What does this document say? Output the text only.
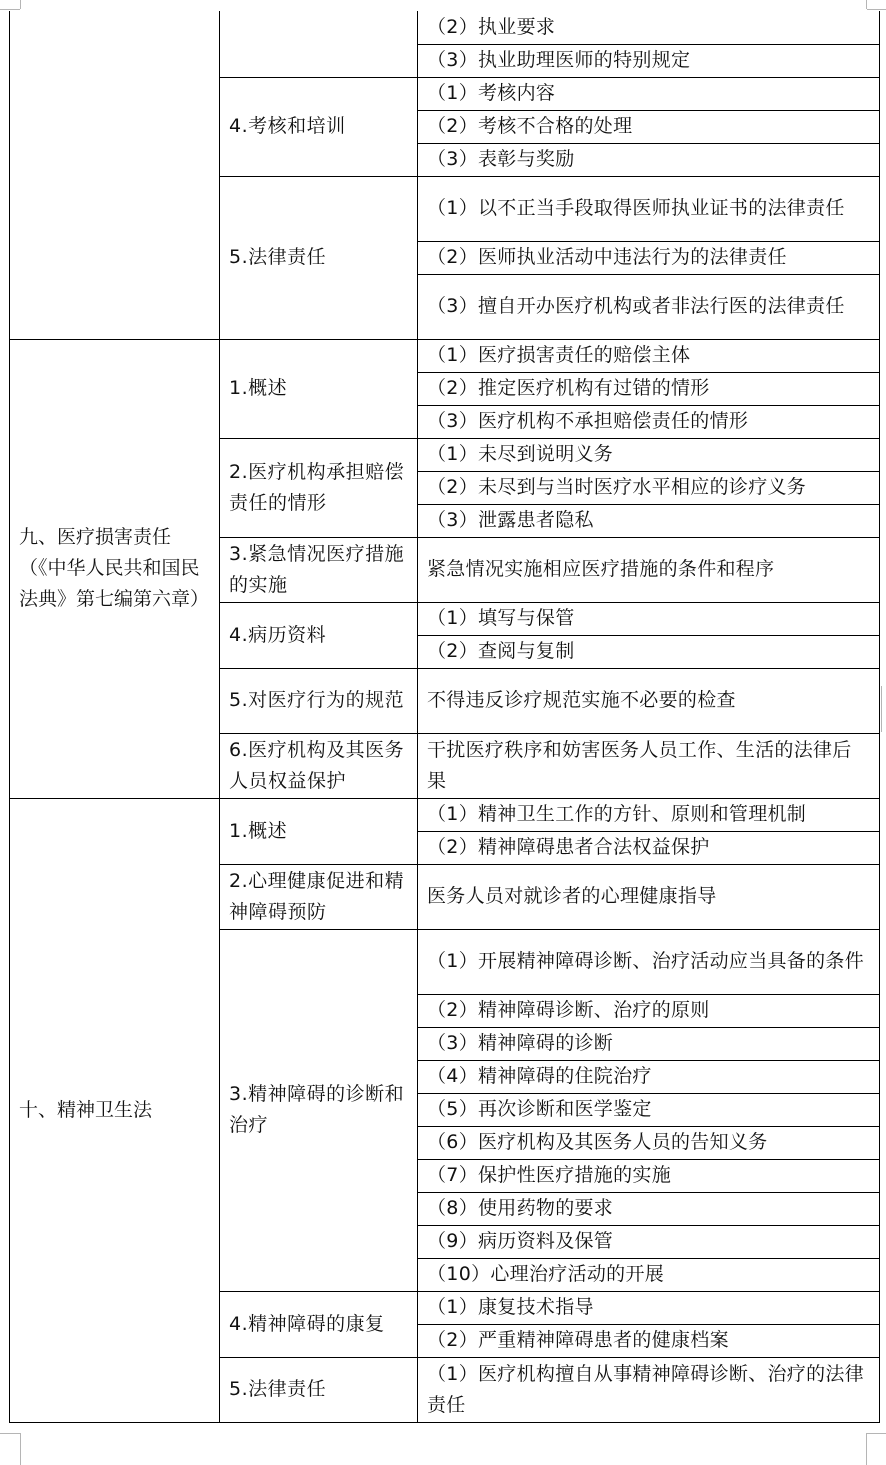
		（2）执业要求
		（3）执业助理医师的特别规定
	4.考核和培训	（1）考核内容
		（2）考核不合格的处理
		（3）表彰与奖励
	5.法律责任	（1）以不正当手段取得医师执业证书的法律责任
		（2）医师执业活动中违法行为的法律责任
		（3）擅自开办医疗机构或者非法行医的法律责任
九、医疗损害责任（《中华人民共和国民法典》第七编第六章）	1.概述	（1）医疗损害责任的赔偿主体
		（2）推定医疗机构有过错的情形
		（3）医疗机构不承担赔偿责任的情形
	2.医疗机构承担赔偿责任的情形	（1）未尽到说明义务
		（2）未尽到与当时医疗水平相应的诊疗义务
		（3）泄露患者隐私
	3.紧急情况医疗措施的实施	紧急情况实施相应医疗措施的条件和程序
	4.病历资料	（1）填写与保管
		（2）查阅与复制
	5.对医疗行为的规范	不得违反诊疗规范实施不必要的检查
	6.医疗机构及其医务人员权益保护	干扰医疗秩序和妨害医务人员工作、生活的法律后果
十、精神卫生法	1.概述	（1）精神卫生工作的方针、原则和管理机制
		（2）精神障碍患者合法权益保护
	2.心理健康促进和精神障碍预防	医务人员对就诊者的心理健康指导
	3.精神障碍的诊断和治疗	（1）开展精神障碍诊断、治疗活动应当具备的条件
		（2）精神障碍诊断、治疗的原则
		（3）精神障碍的诊断
		（4）精神障碍的住院治疗
		（5）再次诊断和医学鉴定
		（6）医疗机构及其医务人员的告知义务
		（7）保护性医疗措施的实施
		（8）使用药物的要求
		（9）病历资料及保管
		（10）心理治疗活动的开展
	4.精神障碍的康复	（1）康复技术指导
		（2）严重精神障碍患者的健康档案
	5.法律责任	（1）医疗机构擅自从事精神障碍诊断、治疗的法律责任
